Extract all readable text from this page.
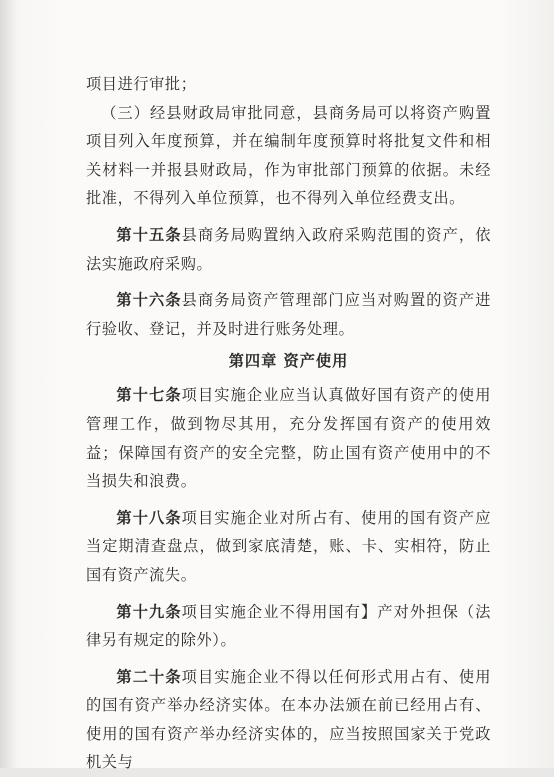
项目进行审批；

（三）经县财政局审批同意，县商务局可以将资产购置项目列入年度预算，并在编制年度预算时将批复文件和相关材料一并报县财政局，作为审批部门预算的依据。未经批准，不得列入单位预算，也不得列入单位经费支出。

第十五条县商务局购置纳入政府采购范围的资产，依法实施政府采购。

第十六条县商务局资产管理部门应当对购置的资产进行验收、登记，并及时进行账务处理。

第四章 资产使用

第十七条项目实施企业应当认真做好国有资产的使用管理工作，做到物尽其用，充分发挥国有资产的使用效益；保障国有资产的安全完整，防止国有资产使用中的不当损失和浪费。

第十八条项目实施企业对所占有、使用的国有资产应当定期清查盘点，做到家底清楚，账、卡、实相符，防止国有资产流失。

第十九条项目实施企业不得用国有】产对外担保（法律另有规定的除外）。

第二十条项目实施企业不得以任何形式用占有、使用的国有资产举办经济实体。在本办法颁在前已经用占有、使用的国有资产举办经济实体的，应当按照国家关于党政机关与
